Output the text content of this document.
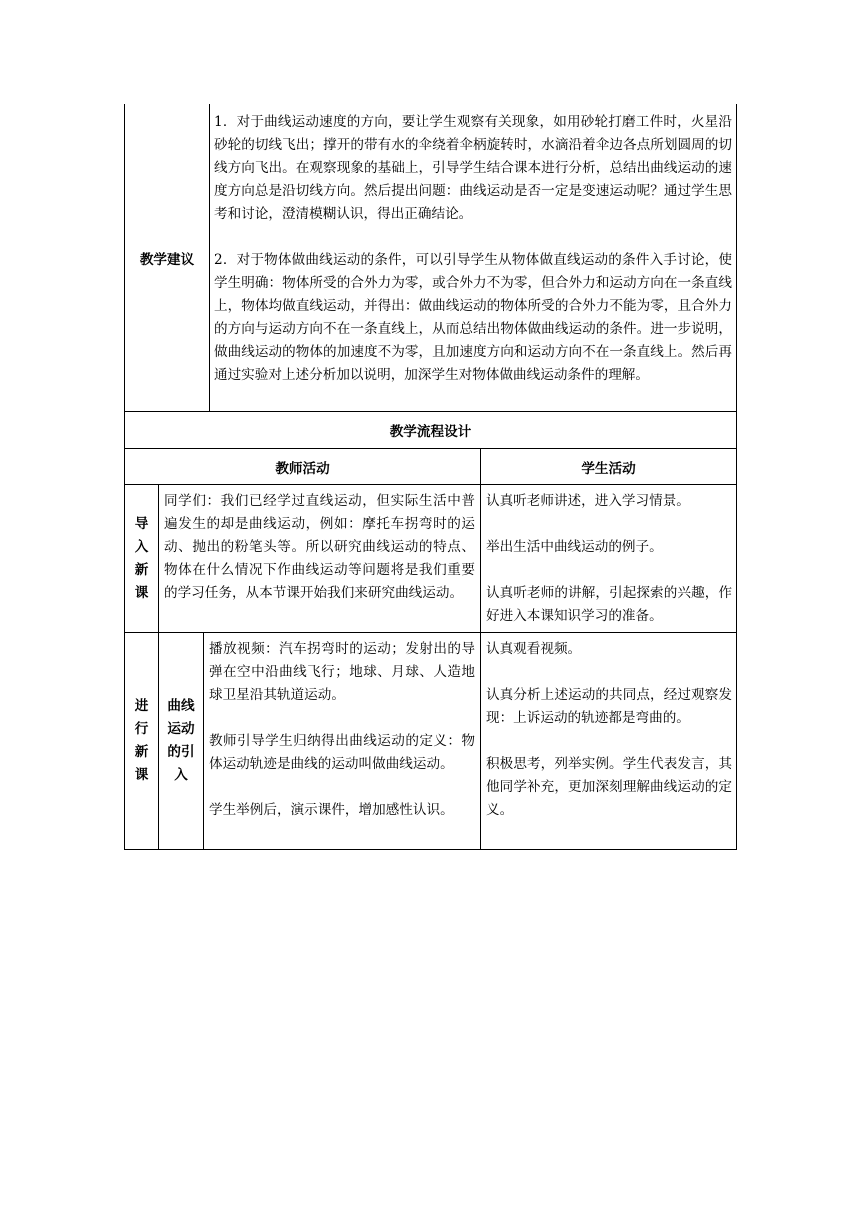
教学建议

1．对于曲线运动速度的方向，要让学生观察有关现象，如用砂轮打磨工件时，火星沿砂轮的切线飞出；撑开的带有水的伞绕着伞柄旋转时，水滴沿着伞边各点所划圆周的切线方向飞出。在观察现象的基础上，引导学生结合课本进行分析，总结出曲线运动的速度方向总是沿切线方向。然后提出问题：曲线运动是否一定是变速运动呢？通过学生思考和讨论，澄清模糊认识，得出正确结论。

2．对于物体做曲线运动的条件，可以引导学生从物体做直线运动的条件入手讨论，使学生明确：物体所受的合外力为零，或合外力不为零，但合外力和运动方向在一条直线上，物体均做直线运动，并得出：做曲线运动的物体所受的合外力不能为零，且合外力的方向与运动方向不在一条直线上，从而总结出物体做曲线运动的条件。进一步说明，做曲线运动的物体的加速度不为零，且加速度方向和运动方向不在一条直线上。然后再通过实验对上述分析加以说明，加深学生对物体做曲线运动条件的理解。

教学流程设计
教师活动	学生活动
导
入
新
课

同学们：我们已经学过直线运动，但实际生活中普遍发生的却是曲线运动，例如：摩托车拐弯时的运动、抛出的粉笔头等。所以研究曲线运动的特点、物体在什么情况下作曲线运动等问题将是我们重要的学习任务，从本节课开始我们来研究曲线运动。

认真听老师讲述，进入学习情景。

举出生活中曲线运动的例子。

认真听老师的讲解，引起探索的兴趣，作好进入本课知识学习的准备。

进
行
新
课
曲线
运动
的引
入

播放视频：汽车拐弯时的运动；发射出的导弹在空中沿曲线飞行；地球、月球、人造地球卫星沿其轨道运动。

教师引导学生归纳得出曲线运动的定义：物体运动轨迹是曲线的运动叫做曲线运动。

学生举例后，演示课件，增加感性认识。

认真观看视频。

认真分析上述运动的共同点，经过观察发现：上诉运动的轨迹都是弯曲的。

积极思考，列举实例。学生代表发言，其他同学补充，更加深刻理解曲线运动的定义。
